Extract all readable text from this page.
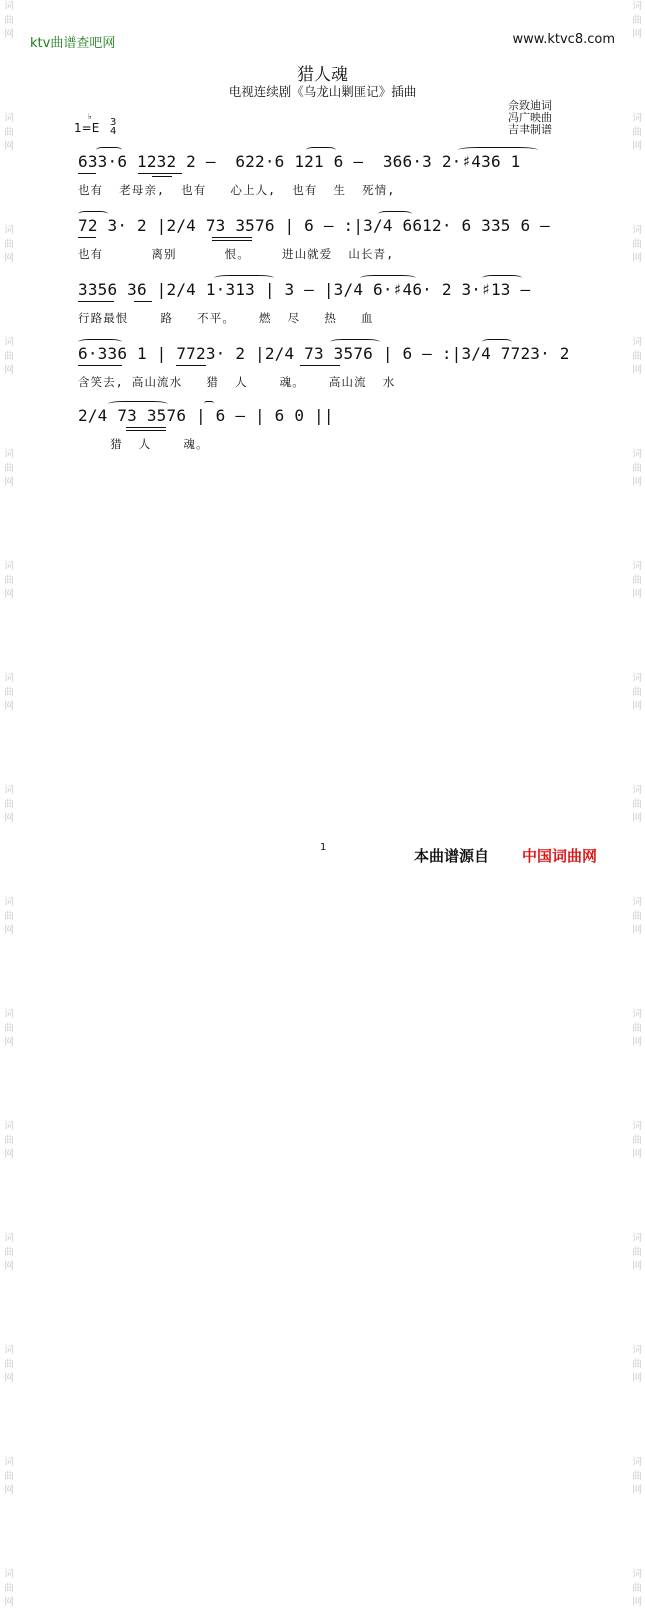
词
曲
网

词
曲
网

词
曲
网

词
曲
网

词
曲
网

词
曲
网

词
曲
网

词
曲
网

词
曲
网

词
曲
网

词
曲
网

词
曲
网

词
曲
网

词
曲
网

词
曲
网
词
曲
网

词
曲
网

词
曲
网

词
曲
网

词
曲
网

词
曲
网

词
曲
网

词
曲
网

词
曲
网

词
曲
网

词
曲
网

词
曲
网

词
曲
网

词
曲
网

词
曲
网
ktv曲谱查吧网	www.ktvc8.com
猎人魂
电视连续剧《乌龙山剿匪记》插曲
佘致迪词
冯广映曲
吉聿制谱
1=E
♭
3
4
633·6 1232 2 –  622·6 121 6 –  366·3 2·♯436 1
也有  老母亲,  也有   心上人,  也有  生  死情,
72 3· 2 |2/4 73 3576 | 6 – :|3/4 6612· 6 335 6 –
也有      离别      恨。    进山就爱  山长青,
3356 36 |2/4 1·313 | 3 – |3/4 6·♯46· 2 3·♯13 –
行路最恨    路   不平。   燃  尽   热   血
6·336 1 | 7723· 2 |2/4 73 3576 | 6 – :|3/4 7723· 2
含笑去, 高山流水   猎  人    魂。   高山流  水
2/4 73 3576 | 6 – | 6 0 ||
猎  人    魂。
1	本曲谱源自 中国词曲网
